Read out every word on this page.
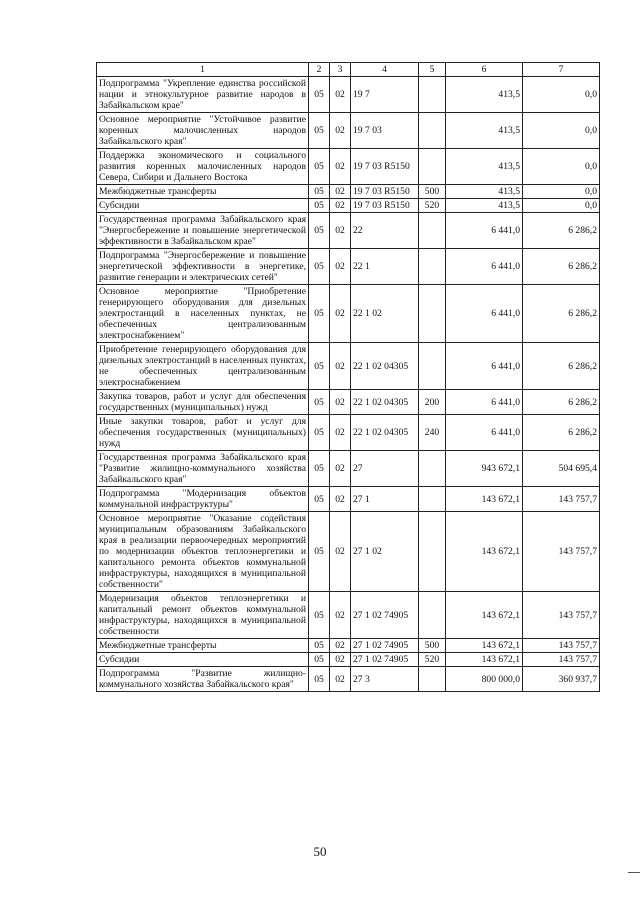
1	2	3	4	5	6	7
Подпрограмма "Укрепление единства российской нации и этнокультурное развитие народов в Забайкальском крае"	05	02	19 7		413,5	0,0
Основное мероприятие "Устойчивое развитие коренных малочисленных народов Забайкальского края"	05	02	19 7 03		413,5	0,0
Поддержка экономического и социального развития коренных малочисленных народов Севера, Сибири и Дальнего Востока	05	02	19 7 03 R5150		413,5	0,0
Межбюджетные трансферты	05	02	19 7 03 R5150	500	413,5	0,0
Субсидии	05	02	19 7 03 R5150	520	413,5	0,0
Государственная программа Забайкальского края "Энергосбережение и повышение энергетической эффективности в Забайкальском крае"	05	02	22		6 441,0	6 286,2
Подпрограмма "Энергосбережение и повышение энергетической эффективности в энергетике, развитие генерации и электрических сетей"	05	02	22 1		6 441,0	6 286,2
Основное мероприятие "Приобретение генерирующего оборудования для дизельных электростанций в населенных пунктах, не обеспеченных централизованным электроснабжением"	05	02	22 1 02		6 441,0	6 286,2
Приобретение генерирующего оборудования для дизельных электростанций в населенных пунктах, не обеспеченных централизованным электроснабжением	05	02	22 1 02 04305		6 441,0	6 286,2
Закупка товаров, работ и услуг для обеспечения государственных (муниципальных) нужд	05	02	22 1 02 04305	200	6 441,0	6 286,2
Иные закупки товаров, работ и услуг для обеспечения государственных (муниципальных) нужд	05	02	22 1 02 04305	240	6 441,0	6 286,2
Государственная программа Забайкальского края "Развитие жилищно-коммунального хозяйства Забайкальского края"	05	02	27		943 672,1	504 695,4
Подпрограмма "Модернизация объектов коммунальной инфраструктуры"	05	02	27 1		143 672,1	143 757,7
Основное мероприятие "Оказание содействия муниципальным образованиям Забайкальского края в реализации первоочередных мероприятий по модернизации объектов теплоэнергетики и капитального ремонта объектов коммунальной инфраструктуры, находящихся в муниципальной собственности"	05	02	27 1 02		143 672,1	143 757,7
Модернизация объектов теплоэнергетики и капитальный ремонт объектов коммунальной инфраструктуры, находящихся в муниципальной собственности	05	02	27 1 02 74905		143 672,1	143 757,7
Межбюджетные трансферты	05	02	27 1 02 74905	500	143 672,1	143 757,7
Субсидии	05	02	27 1 02 74905	520	143 672,1	143 757,7
Подпрограмма "Развитие жилищно-коммунального хозяйства Забайкальского края"	05	02	27 3		800 000,0	360 937,7
50
